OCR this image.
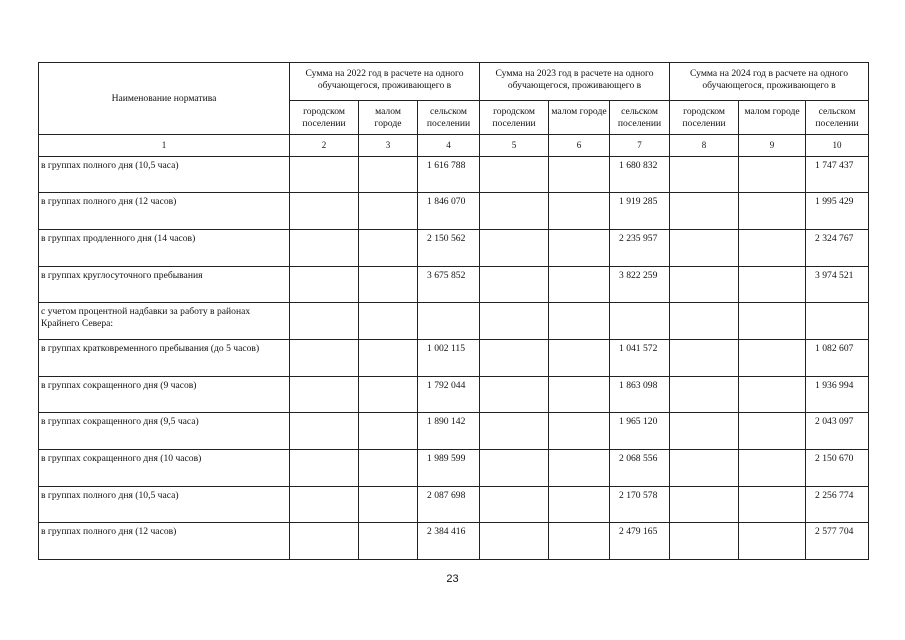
Наименование норматива	Сумма на 2022 год в расчете на одного обучающегося, проживающего в			Сумма на 2023 год в расчете на одного обучающегося, проживающего в			Сумма на 2024 год в расчете на одного обучающегося, проживающего в		
	городском поселении	малом городе	сельском поселении	городском поселении	малом городе	сельском поселении	городском поселении	малом городе	сельском поселении
1	2	3	4	5	6	7	8	9	10
в группах полного дня (10,5 часа)			1 616 788			1 680 832			1 747 437
в группах полного дня (12 часов)			1 846 070			1 919 285			1 995 429
в группах продленного дня (14 часов)			2 150 562			2 235 957			2 324 767
в группах круглосуточного пребывания			3 675 852			3 822 259			3 974 521
с учетом процентной надбавки за работу в районах Крайнего Севера:									
в группах кратковременного пребывания (до 5 часов)			1 002 115			1 041 572			1 082 607
в группах сокращенного дня (9 часов)			1 792 044			1 863 098			1 936 994
в группах сокращенного дня (9,5 часа)			1 890 142			1 965 120			2 043 097
в группах сокращенного дня (10 часов)			1 989 599			2 068 556			2 150 670
в группах полного дня (10,5 часа)			2 087 698			2 170 578			2 256 774
в группах полного дня (12 часов)			2 384 416			2 479 165			2 577 704
23
